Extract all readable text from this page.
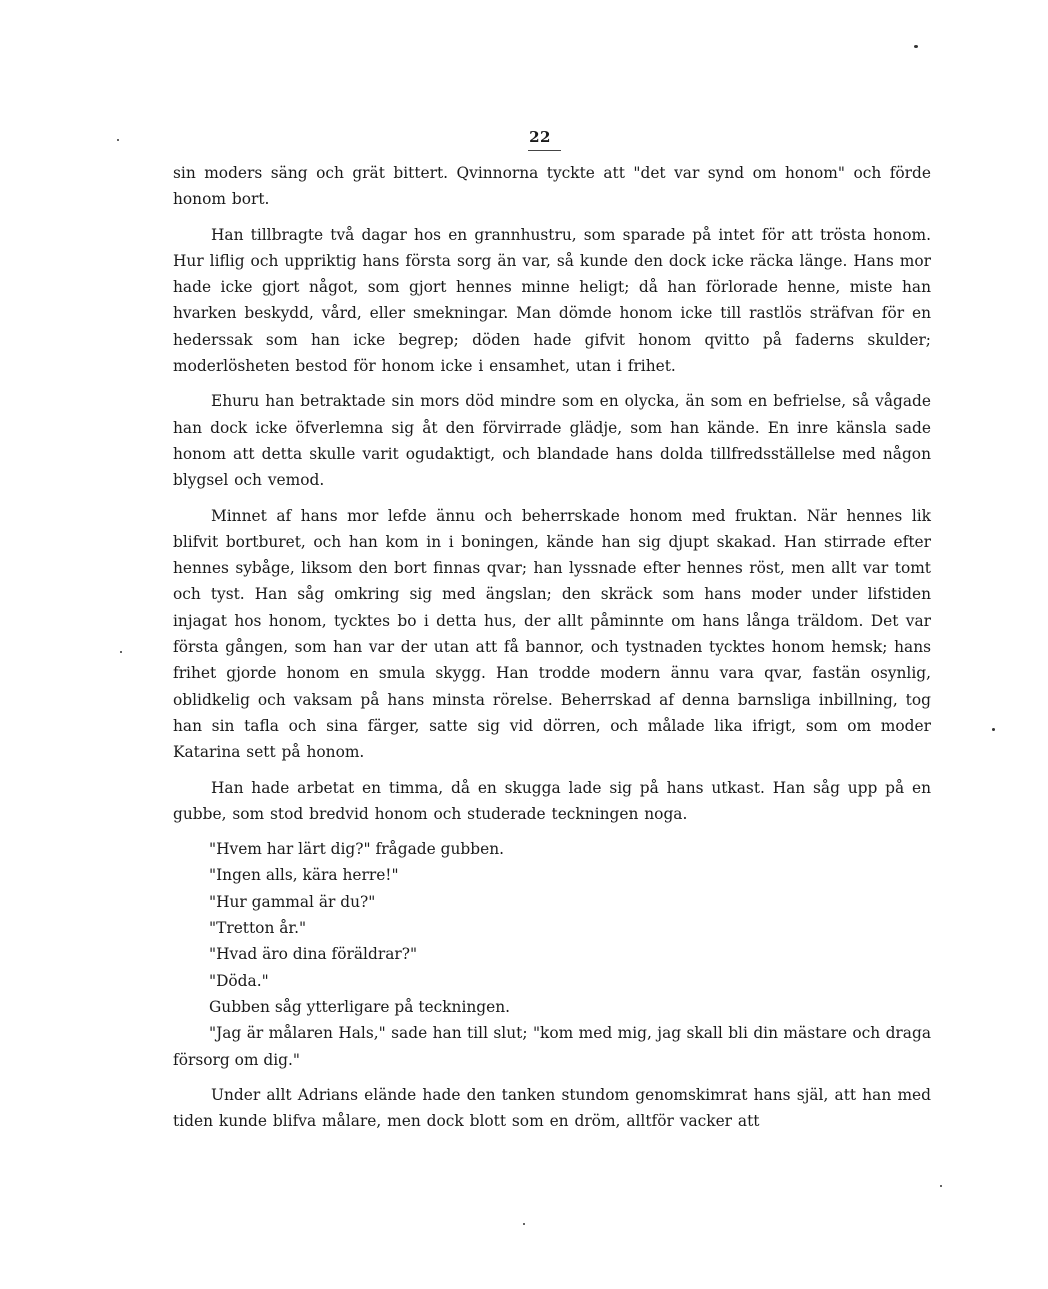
22

sin moders säng och grät bittert. Qvinnorna tyckte att "det var synd om honom" och förde honom bort.

Han tillbragte två dagar hos en grannhustru, som sparade på intet för att trösta honom. Hur liflig och uppriktig hans första sorg än var, så kunde den dock icke räcka länge. Hans mor hade icke gjort något, som gjort hennes minne heligt; då han förlorade henne, miste han hvarken beskydd, vård, eller smekningar. Man dömde honom icke till rastlös sträfvan för en hederssak som han icke begrep; döden hade gifvit honom qvitto på faderns skulder; moderlösheten bestod för honom icke i ensamhet, utan i frihet.

Ehuru han betraktade sin mors död mindre som en olycka, än som en befrielse, så vågade han dock icke öfverlemna sig åt den förvirrade glädje, som han kände. En inre känsla sade honom att detta skulle varit ogudaktigt, och blandade hans dolda tillfredsställelse med någon blygsel och vemod.

Minnet af hans mor lefde ännu och beherrskade honom med fruktan. När hennes lik blifvit bortburet, och han kom in i boningen, kände han sig djupt skakad. Han stirrade efter hennes sybåge, liksom den bort finnas qvar; han lyssnade efter hennes röst, men allt var tomt och tyst. Han såg omkring sig med ängslan; den skräck som hans moder under lifstiden injagat hos honom, tycktes bo i detta hus, der allt påminnte om hans långa träldom. Det var första gången, som han var der utan att få bannor, och tystnaden tycktes honom hemsk; hans frihet gjorde honom en smula skygg. Han trodde modern ännu vara qvar, fastän osynlig, oblidkelig och vaksam på hans minsta rörelse. Beherrskad af denna barnsliga inbillning, tog han sin tafla och sina färger, satte sig vid dörren, och målade lika ifrigt, som om moder Katarina sett på honom.

Han hade arbetat en timma, då en skugga lade sig på hans utkast. Han såg upp på en gubbe, som stod bredvid honom och studerade teckningen noga.

"Hvem har lärt dig?" frågade gubben.

"Ingen alls, kära herre!"

"Hur gammal är du?"

"Tretton år."

"Hvad äro dina föräldrar?"

"Döda."

Gubben såg ytterligare på teckningen.

"Jag är målaren Hals," sade han till slut; "kom med mig, jag skall bli din mästare och draga försorg om dig."

Under allt Adrians elände hade den tanken stundom genomskimrat hans själ, att han med tiden kunde blifva målare, men dock blott som en dröm, alltför vacker att
